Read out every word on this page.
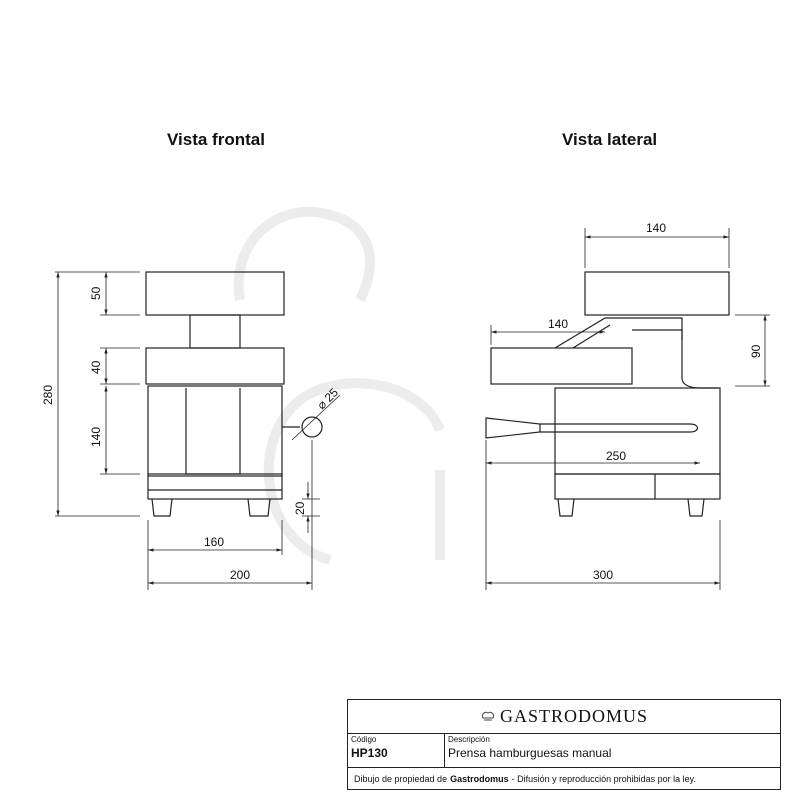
Vista frontal	Vista lateral
280
50
40
140
⌀ 25
20
160
200
140
140
90
250
300
GASTRODOMUS
Código
HP130
Descripción
Prensa hamburguesas manual
Dibujo de propiedad de Gastrodomus - Difusión y reproducción prohibidas por la ley.
